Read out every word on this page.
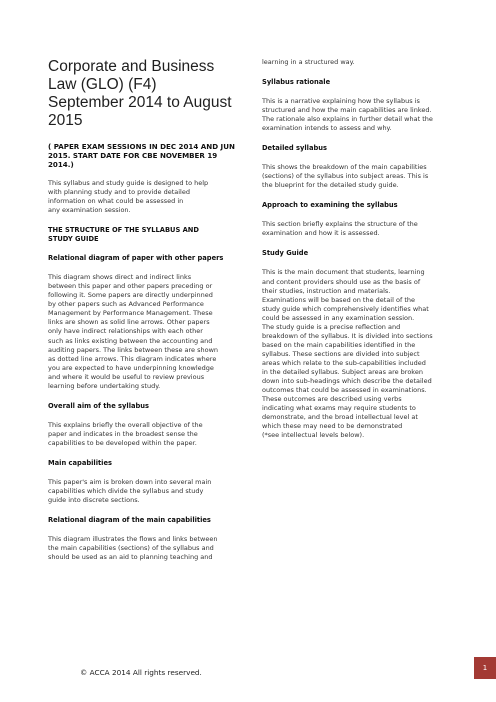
Corporate and Business Law (GLO) (F4) September 2014 to August 2015
( PAPER EXAM SESSIONS IN DEC 2014 AND JUN 2015. START DATE FOR CBE NOVEMBER 19 2014.)
This syllabus and study guide is designed to help
with planning study and to provide detailed
information on what could be assessed in
any examination session.
THE STRUCTURE OF THE SYLLABUS AND
STUDY GUIDE
Relational diagram of paper with other papers
This diagram shows direct and indirect links
between this paper and other papers preceding or
following it. Some papers are directly underpinned
by other papers such as Advanced Performance
Management by Performance Management. These
links are shown as solid line arrows. Other papers
only have indirect relationships with each other
such as links existing between the accounting and
auditing papers. The links between these are shown
as dotted line arrows. This diagram indicates where
you are expected to have underpinning knowledge
and where it would be useful to review previous
learning before undertaking study.
Overall aim of the syllabus
This explains briefly the overall objective of the
paper and indicates in the broadest sense the
capabilities to be developed within the paper.
Main capabilities
This paper's aim is broken down into several main
capabilities which divide the syllabus and study
guide into discrete sections.
Relational diagram of the main capabilities
This diagram illustrates the flows and links between
the main capabilities (sections) of the syllabus and
should be used as an aid to planning teaching and
learning in a structured way.
Syllabus rationale
This is a narrative explaining how the syllabus is
structured and how the main capabilities are linked.
The rationale also explains in further detail what the
examination intends to assess and why.
Detailed syllabus
This shows the breakdown of the main capabilities
(sections) of the syllabus into subject areas. This is
the blueprint for the detailed study guide.
Approach to examining the syllabus
This section briefly explains the structure of the
examination and how it is assessed.
Study Guide
This is the main document that students, learning
and content providers should use as the basis of
their studies, instruction and materials.
Examinations will be based on the detail of the
study guide which comprehensively identifies what
could be assessed in any examination session.
The study guide is a precise reflection and
breakdown of the syllabus. It is divided into sections
based on the main capabilities identified in the
syllabus. These sections are divided into subject
areas which relate to the sub-capabilities included
in the detailed syllabus. Subject areas are broken
down into sub-headings which describe the detailed
outcomes that could be assessed in examinations.
These outcomes are described using verbs
indicating what exams may require students to
demonstrate, and the broad intellectual level at
which these may need to be demonstrated
(*see intellectual levels below).
© ACCA 2014 All rights reserved.	1
